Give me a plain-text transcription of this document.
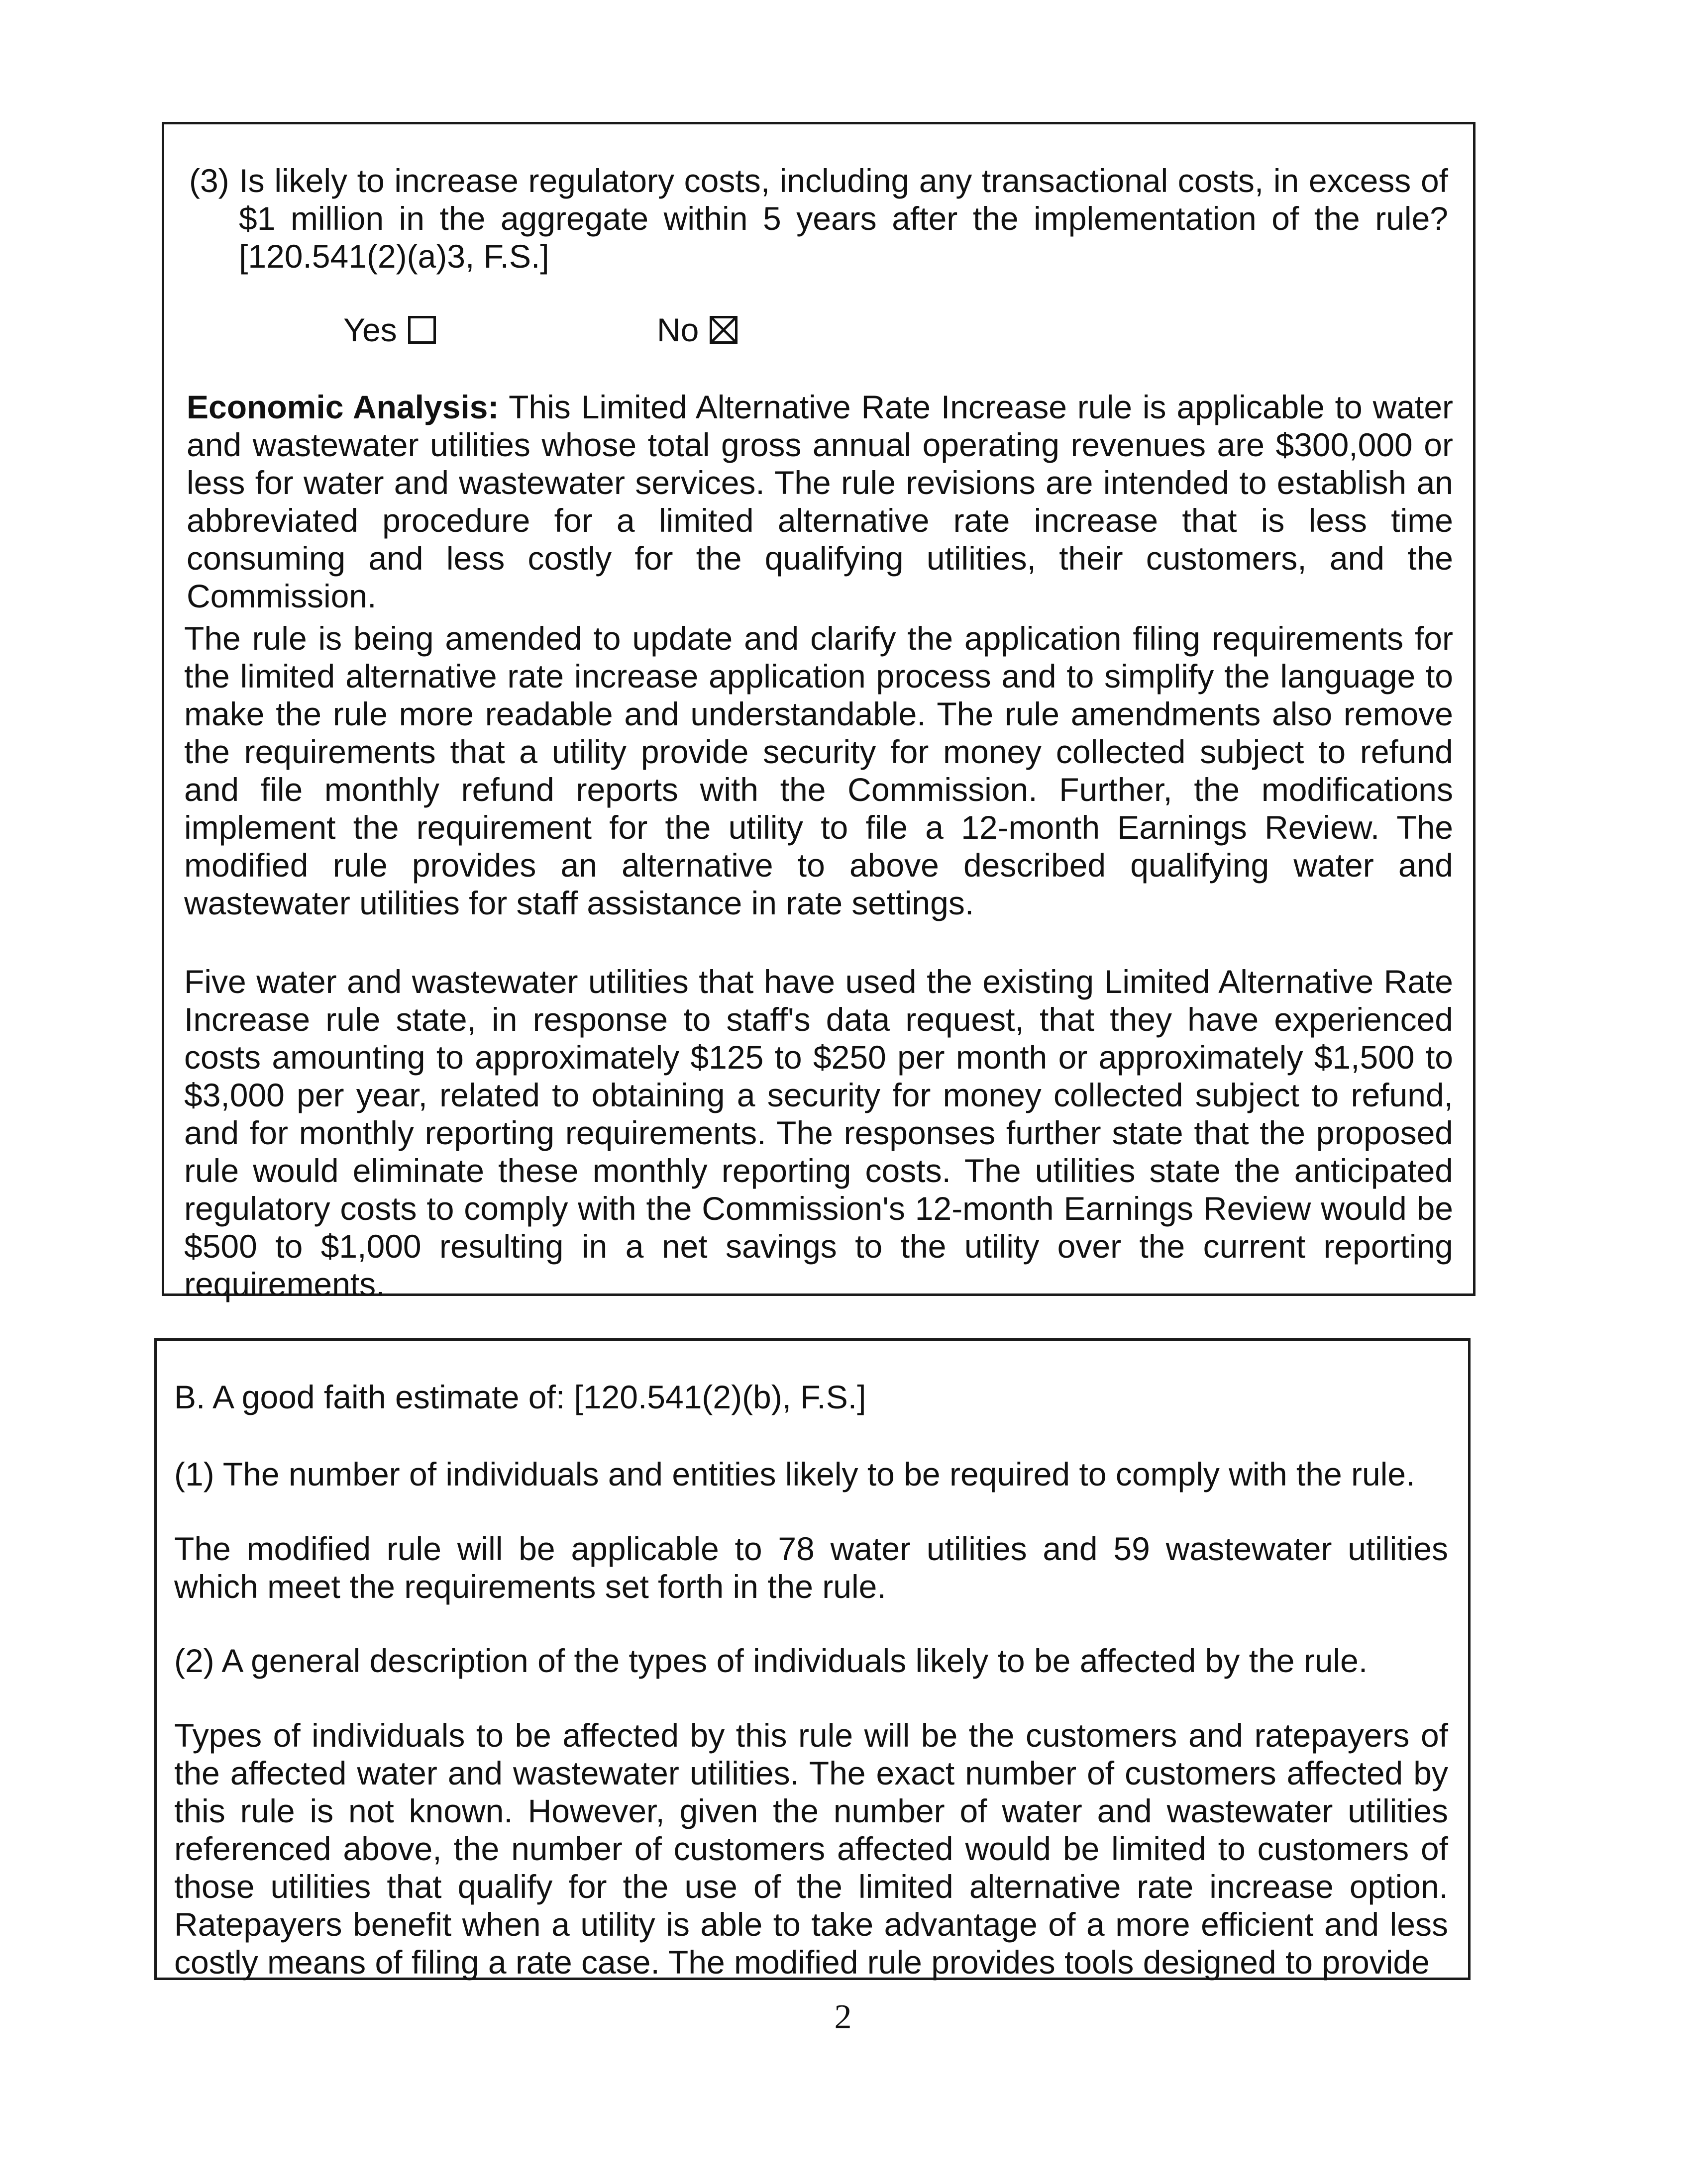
(3) Is likely to increase regulatory costs, including any transactional costs, in excess of $1 million in the aggregate within 5 years after the implementation of the rule? [120.541(2)(a)3, F.S.]

Yes	No

Economic Analysis: This Limited Alternative Rate Increase rule is applicable to water and wastewater utilities whose total gross annual operating revenues are $300,000 or less for water and wastewater services. The rule revisions are intended to establish an abbreviated procedure for a limited alternative rate increase that is less time consuming and less costly for the qualifying utilities, their customers, and the Commission.

The rule is being amended to update and clarify the application filing requirements for the limited alternative rate increase application process and to simplify the language to make the rule more readable and understandable. The rule amendments also remove the requirements that a utility provide security for money collected subject to refund and file monthly refund reports with the Commission. Further, the modifications implement the requirement for the utility to file a 12-month Earnings Review. The modified rule provides an alternative to above described qualifying water and wastewater utilities for staff assistance in rate settings.

Five water and wastewater utilities that have used the existing Limited Alternative Rate Increase rule state, in response to staff's data request, that they have experienced costs amounting to approximately $125 to $250 per month or approximately $1,500 to $3,000 per year, related to obtaining a security for money collected subject to refund, and for monthly reporting requirements. The responses further state that the proposed rule would eliminate these monthly reporting costs. The utilities state the anticipated regulatory costs to comply with the Commission's 12-month Earnings Review would be $500 to $1,000 resulting in a net savings to the utility over the current reporting requirements.

B. A good faith estimate of: [120.541(2)(b), F.S.]

(1) The number of individuals and entities likely to be required to comply with the rule.

The modified rule will be applicable to 78 water utilities and 59 wastewater utilities which meet the requirements set forth in the rule.

(2) A general description of the types of individuals likely to be affected by the rule.

Types of individuals to be affected by this rule will be the customers and ratepayers of the affected water and wastewater utilities. The exact number of customers affected by this rule is not known. However, given the number of water and wastewater utilities referenced above, the number of customers affected would be limited to customers of those utilities that qualify for the use of the limited alternative rate increase option. Ratepayers benefit when a utility is able to take advantage of a more efficient and less costly means of filing a rate case. The modified rule provides tools designed to provide

2
